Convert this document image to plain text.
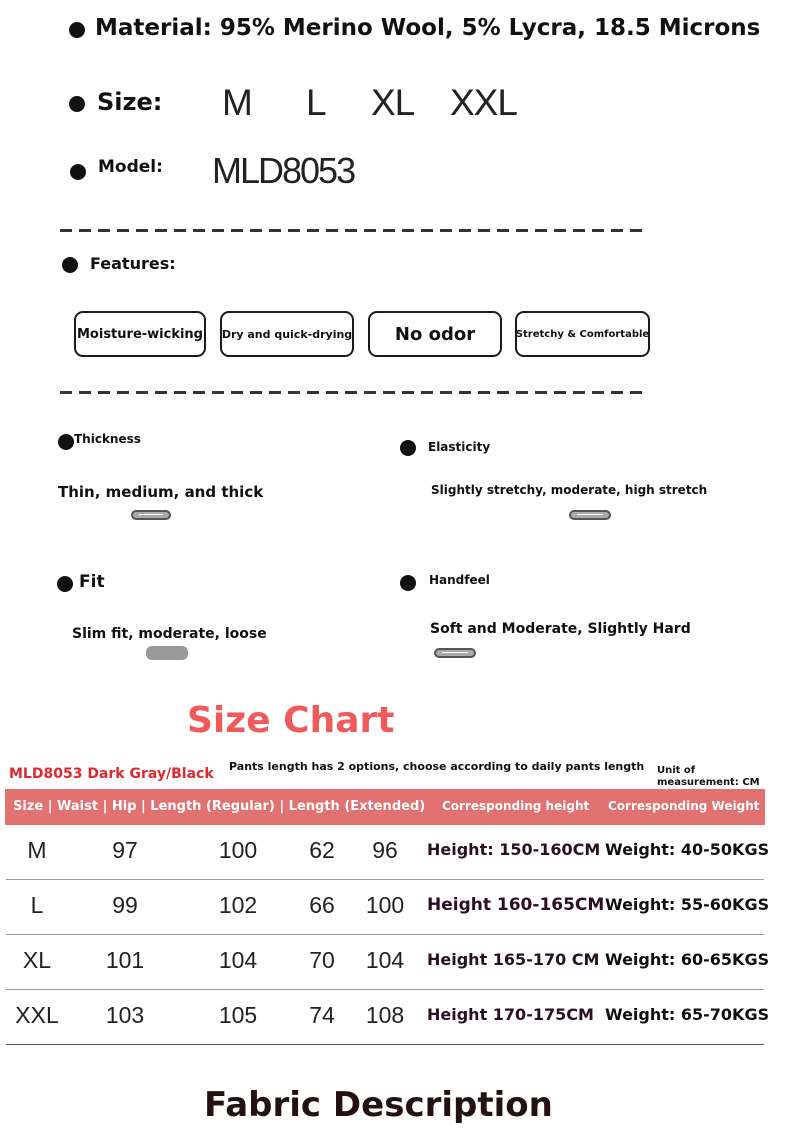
Material: 95% Merino Wool, 5% Lycra, 18.5 Microns
Size: M L XL XXL
Model: MLD8053
Features:
Moisture-wicking Dry and quick-drying	No odor	Stretchy & Comfortable
Thickness
Thin, medium, and thick
Elasticity
Slightly stretchy, moderate, high stretch
Fit
Slim fit, moderate, loose
Handfeel
Soft and Moderate, Slightly Hard
Size Chart
MLD8053 Dark Gray/Black Pants length has 2 options, choose according to daily pants length Unit of
measurement: CM
Size | Waist | Hip | Length (Regular) | Length (Extended) Corresponding height Corresponding Weight
M	97	100 62 96 Height: 150-160CM Weight: 40-50KGS
L	99	102 66 100 Height 160-165CM Weight: 55-60KGS
XL 101	104 70 104 Height 165-170 CM Weight: 60-65KGS
XXL 103	105 74 108 Height 170-175CM Weight: 65-70KGS
Fabric Description
